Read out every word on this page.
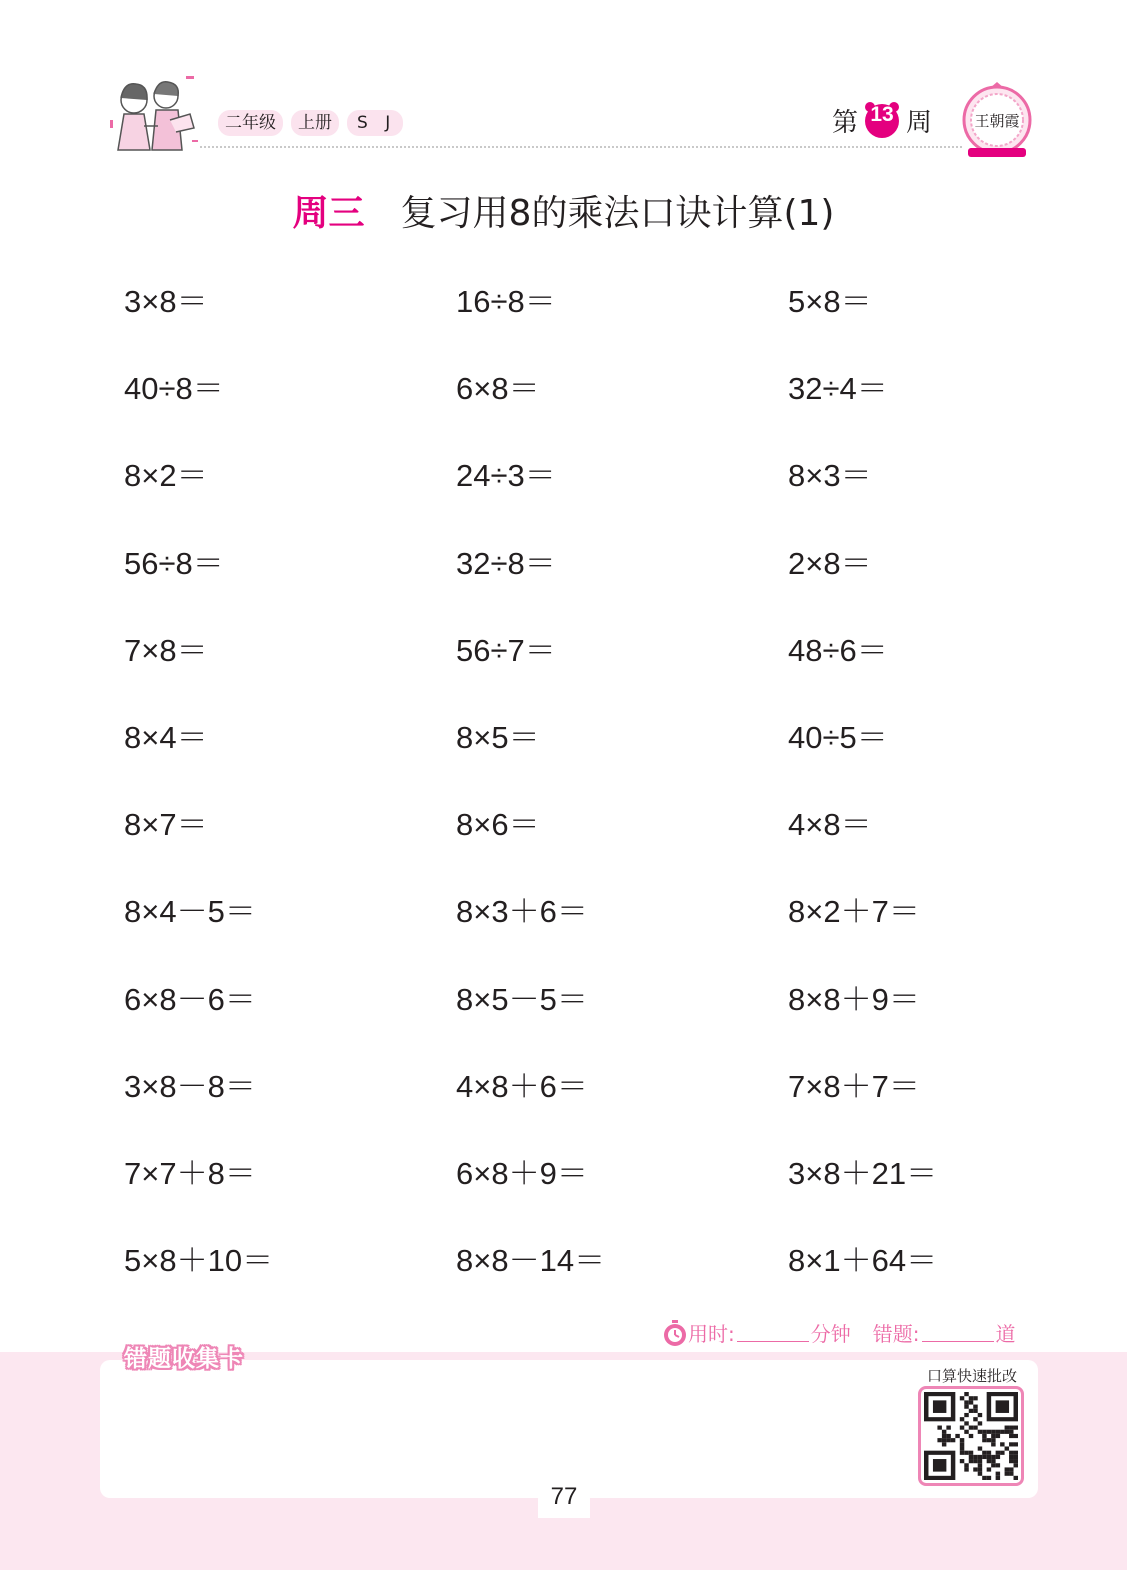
二年级	上册	S J	第 13 周	王朝霞
周三 复习用8的乘法口诀计算(1)
3×8＝	16÷8＝	5×8＝
40÷8＝	6×8＝	32÷4＝
8×2＝	24÷3＝	8×3＝
56÷8＝	32÷8＝	2×8＝
7×8＝	56÷7＝	48÷6＝
8×4＝	8×5＝	40÷5＝
8×7＝	8×6＝	4×8＝
8×4－5＝	8×3＋6＝	8×2＋7＝
6×8－6＝	8×5－5＝	8×8＋9＝
3×8－8＝	4×8＋6＝	7×8＋7＝
7×7＋8＝	6×8＋9＝	3×8＋21＝
5×8＋10＝	8×8－14＝	8×1＋64＝
用时:	分钟 错题:	道
错题收集卡
口算快速批改
77
